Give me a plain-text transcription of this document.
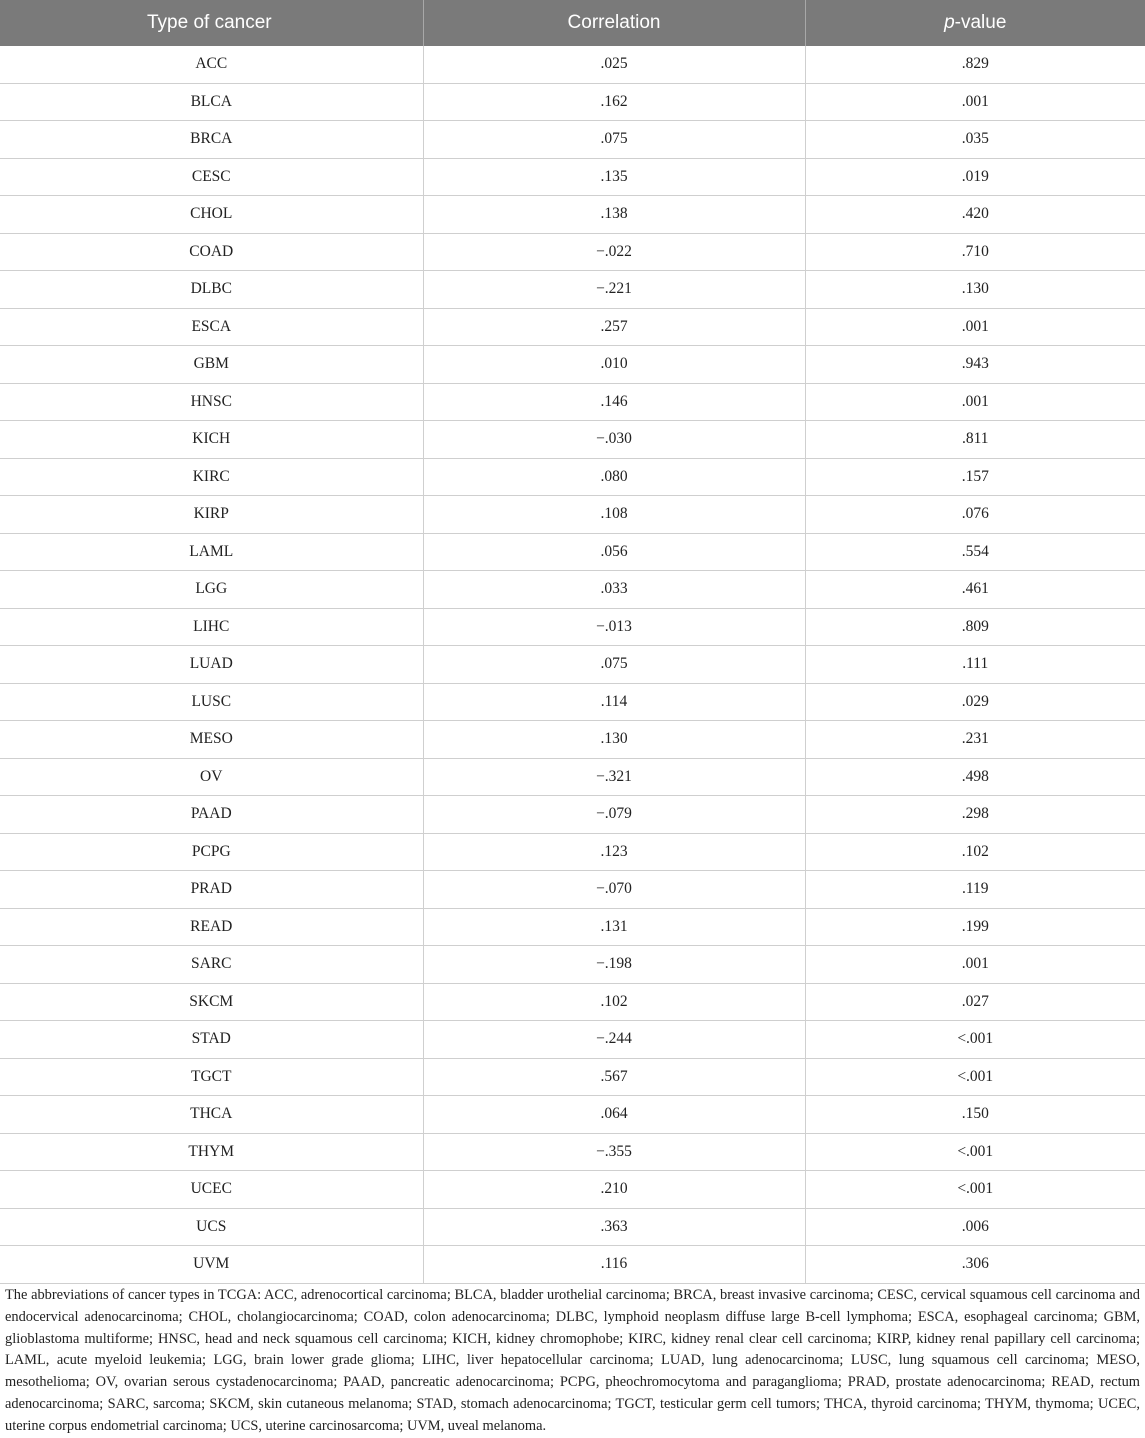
Type of cancer	Correlation	p-value
ACC	.025	.829
BLCA	.162	.001
BRCA	.075	.035
CESC	.135	.019
CHOL	.138	.420
COAD	−.022	.710
DLBC	−.221	.130
ESCA	.257	.001
GBM	.010	.943
HNSC	.146	.001
KICH	−.030	.811
KIRC	.080	.157
KIRP	.108	.076
LAML	.056	.554
LGG	.033	.461
LIHC	−.013	.809
LUAD	.075	.111
LUSC	.114	.029
MESO	.130	.231
OV	−.321	.498
PAAD	−.079	.298
PCPG	.123	.102
PRAD	−.070	.119
READ	.131	.199
SARC	−.198	.001
SKCM	.102	.027
STAD	−.244	<.001
TGCT	.567	<.001
THCA	.064	.150
THYM	−.355	<.001
UCEC	.210	<.001
UCS	.363	.006
UVM	.116	.306

The abbreviations of cancer types in TCGA: ACC, adrenocortical carcinoma; BLCA, bladder urothelial carcinoma; BRCA, breast invasive carcinoma; CESC, cervical squamous cell carcinoma and endocervical adenocarcinoma; CHOL, cholangiocarcinoma; COAD, colon adenocarcinoma; DLBC, lymphoid neoplasm diffuse large B-cell lymphoma; ESCA, esophageal carcinoma; GBM, glioblastoma multiforme; HNSC, head and neck squamous cell carcinoma; KICH, kidney chromophobe; KIRC, kidney renal clear cell carcinoma; KIRP, kidney renal papillary cell carcinoma; LAML, acute myeloid leukemia; LGG, brain lower grade glioma; LIHC, liver hepatocellular carcinoma; LUAD, lung adenocarcinoma; LUSC, lung squamous cell carcinoma; MESO, mesothelioma; OV, ovarian serous cystadenocarcinoma; PAAD, pancreatic adenocarcinoma; PCPG, pheochromocytoma and paraganglioma; PRAD, prostate adenocarcinoma; READ, rectum adenocarcinoma; SARC, sarcoma; SKCM, skin cutaneous melanoma; STAD, stomach adenocarcinoma; TGCT, testicular germ cell tumors; THCA, thyroid carcinoma; THYM, thymoma; UCEC, uterine corpus endometrial carcinoma; UCS, uterine carcinosarcoma; UVM, uveal melanoma.
